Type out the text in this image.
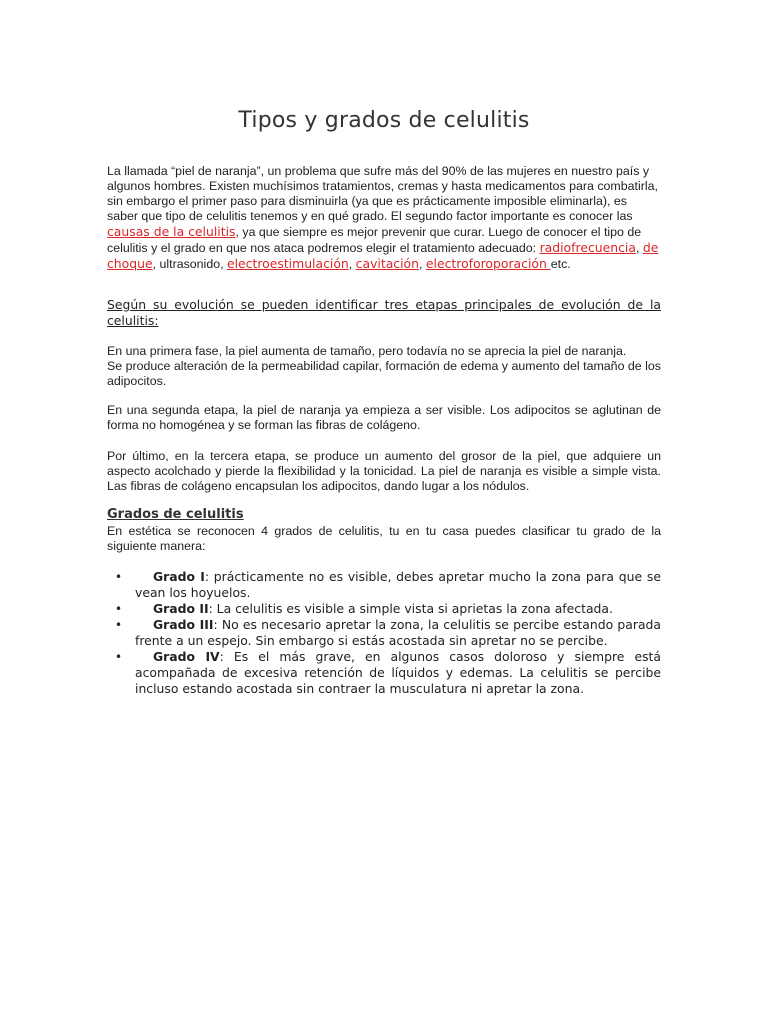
Tipos y grados de celulitis

La llamada “piel de naranja”, un problema que sufre más del 90% de las mujeres en nuestro país y algunos hombres. Existen muchísimos tratamientos, cremas y hasta medicamentos para combatirla, sin embargo el primer paso para disminuirla (ya que es prácticamente imposible eliminarla), es saber que tipo de celulitis tenemos y en qué grado. El segundo factor importante es conocer las causas de la celulitis, ya que siempre es mejor prevenir que curar. Luego de conocer el tipo de celulitis y el grado en que nos ataca podremos elegir el tratamiento adecuado: radiofrecuencia, de choque, ultrasonido, electroestimulación, cavitación, electroforoporación etc.

Según su evolución se pueden identificar tres etapas principales de evolución de la celulitis:

En una primera fase, la piel aumenta de tamaño, pero todavía no se aprecia la piel de naranja.
Se produce alteración de la permeabilidad capilar, formación de edema y aumento del tamaño de los adipocitos.

En una segunda etapa, la piel de naranja ya empieza a ser visible. Los adipocitos se aglutinan de forma no homogénea y se forman las fibras de colágeno.

Por último, en la tercera etapa, se produce un aumento del grosor de la piel, que adquiere un aspecto acolchado y pierde la flexibilidad y la tonicidad. La piel de naranja es visible a simple vista. Las fibras de colágeno encapsulan los adipocitos, dando lugar a los nódulos.

Grados de celulitis

En estética se reconocen 4 grados de celulitis, tu en tu casa puedes clasificar tu grado de la siguiente manera:

• Grado I: prácticamente no es visible, debes apretar mucho la zona para que se vean los hoyuelos.
• Grado II: La celulitis es visible a simple vista si aprietas la zona afectada.
• Grado III: No es necesario apretar la zona, la celulitis se percibe estando parada frente a un espejo. Sin embargo si estás acostada sin apretar no se percibe.
• Grado IV: Es el más grave, en algunos casos doloroso y siempre está acompañada de excesiva retención de líquidos y edemas. La celulitis se percibe incluso estando acostada sin contraer la musculatura ni apretar la zona.
